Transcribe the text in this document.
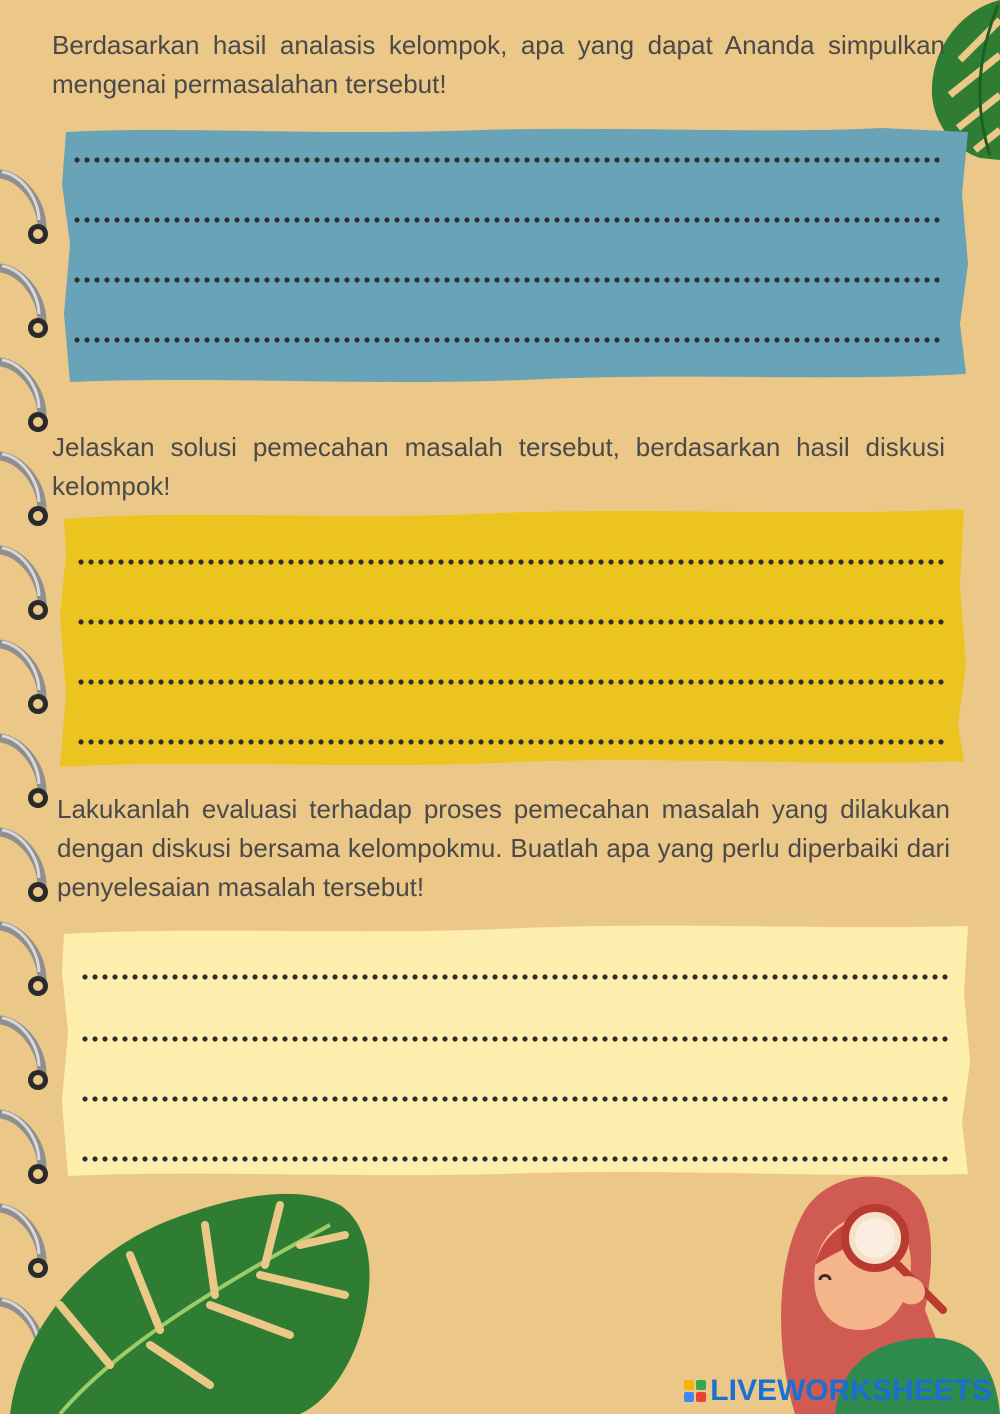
Berdasarkan hasil analasis kelompok, apa yang dapat Ananda simpulkan mengenai permasalahan tersebut!

Jelaskan solusi pemecahan masalah tersebut, berdasarkan hasil diskusi kelompok!

Lakukanlah evaluasi terhadap proses pemecahan masalah yang dilakukan dengan diskusi bersama kelompokmu. Buatlah apa yang perlu diperbaiki dari penyelesaian masalah tersebut!

LIVEWORKSHEETS
